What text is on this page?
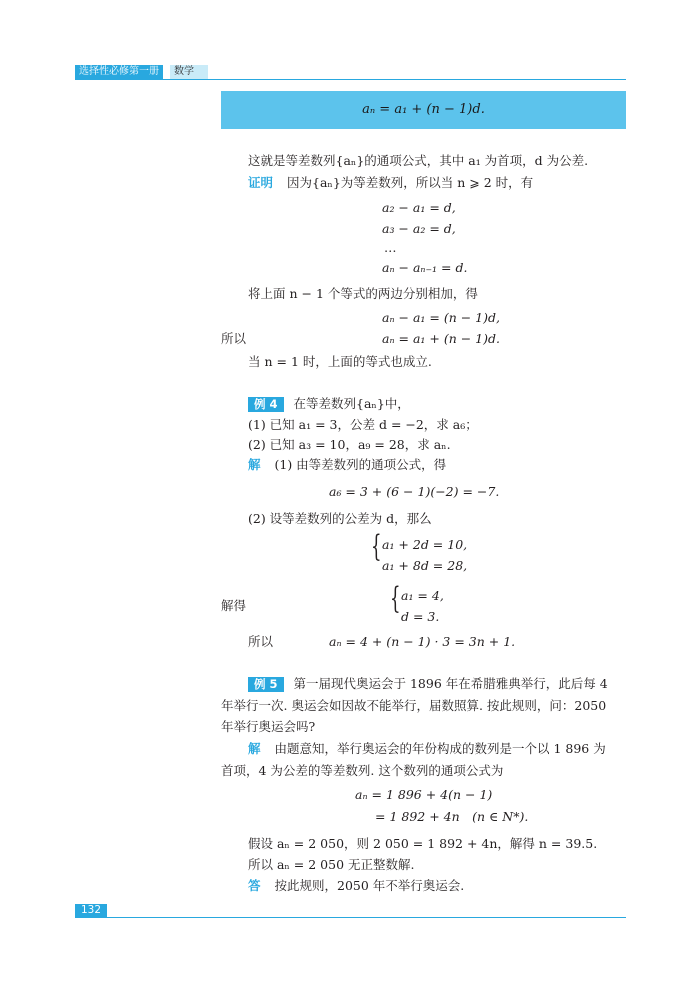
选择性必修第一册	数学
aₙ = a₁ + (n − 1)d.
这就是等差数列{aₙ}的通项公式，其中 a₁ 为首项，d 为公差.
证明 因为{aₙ}为等差数列，所以当 n ⩾ 2 时，有
a₂ − a₁ = d,
a₃ − a₂ = d,
…
aₙ − aₙ₋₁ = d.
将上面 n − 1 个等式的两边分别相加，得
aₙ − a₁ = (n − 1)d,
所以	aₙ = a₁ + (n − 1)d.
当 n = 1 时，上面的等式也成立.
例 4 在等差数列{aₙ}中，
(1) 已知 a₁ = 3，公差 d = −2，求 a₆；
(2) 已知 a₃ = 10，a₉ = 28，求 aₙ.
解 (1) 由等差数列的通项公式，得
a₆ = 3 + (6 − 1)(−2) = −7.
(2) 设等差数列的公差为 d，那么
{ a₁ + 2d = 10,
a₁ + 8d = 28,
解得	{ a₁ = 4,
d = 3.
所以	aₙ = 4 + (n − 1) · 3 = 3n + 1.
例 5 第一届现代奥运会于 1896 年在希腊雅典举行，此后每 4
年举行一次. 奥运会如因故不能举行，届数照算. 按此规则，问：2050
年举行奥运会吗?
解 由题意知，举行奥运会的年份构成的数列是一个以 1 896 为
首项，4 为公差的等差数列. 这个数列的通项公式为
aₙ = 1 896 + 4(n − 1)
= 1 892 + 4n　(n ∈ N*).
假设 aₙ = 2 050，则 2 050 = 1 892 + 4n，解得 n = 39.5.
所以 aₙ = 2 050 无正整数解.
答 按此规则，2050 年不举行奥运会.
132
